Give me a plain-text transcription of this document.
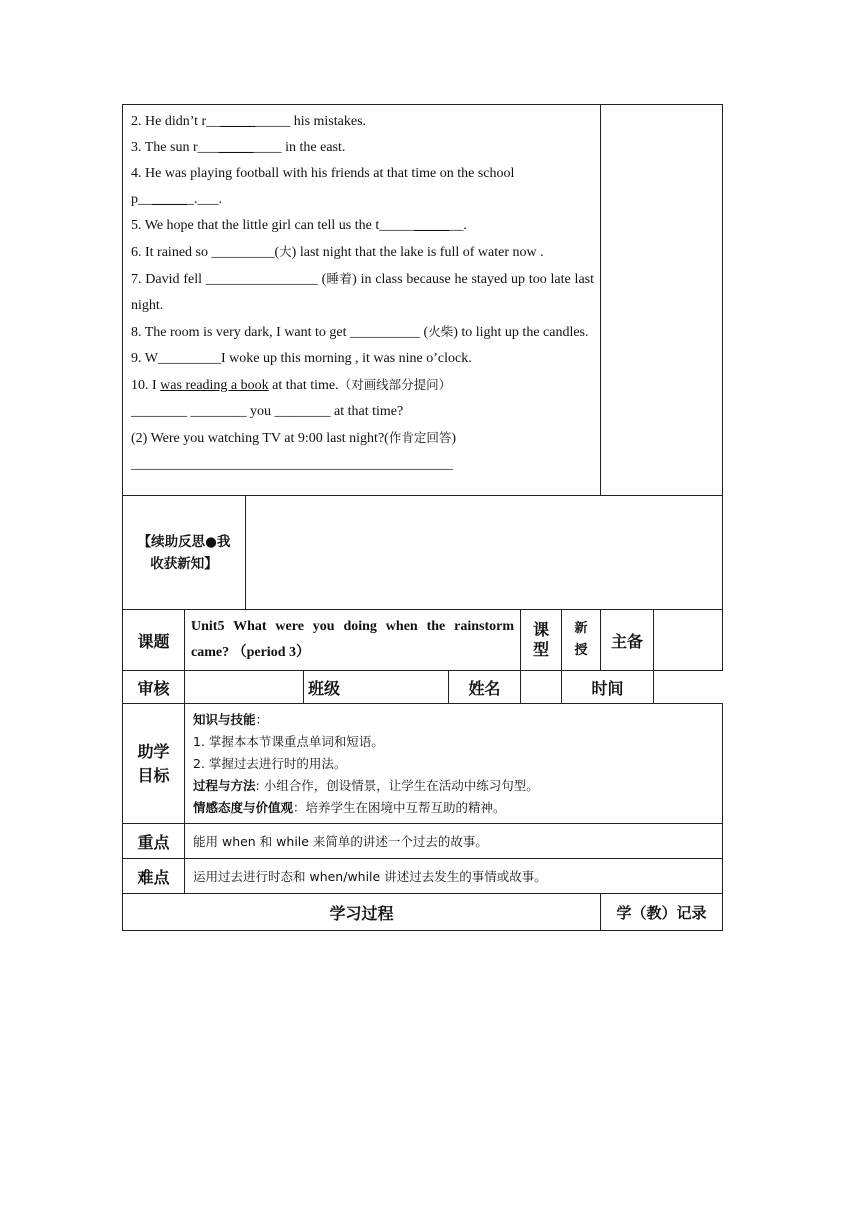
2. He didn’t r____________ his mistakes.

3. The sun r____________ in the east.

4. He was playing football with his friends at that time on the school
p________.___.

5. We hope that the little girl can tell us the t____________.

6. It rained so _________(大) last night that the lake is full of water now .

7. David fell ________________ (睡着) in class because he stayed up too late last night.

8. The room is very dark, I want to get __________ (火柴) to light up the candles.

9. W_________I woke up this morning , it was nine o’clock.

10. I was reading a book at that time.（对画线部分提问）

________ ________ you ________ at that time?

(2) Were you watching TV at 9:00 last night?(作肯定回答)

______________________________________________

【续助反思●我收获新知】	
课题	Unit5 What were you doing when the rainstorm came? （period 3）			课型	新授	主备	
审核		班级	姓名		时间		
助学目标	知识与技能：
1. 掌握本本节课重点单词和短语。
2. 掌握过去进行时的用法。
过程与方法: 小组合作，创设情景，让学生在活动中练习句型。
情感态度与价值观：培养学生在困境中互帮互助的精神。	

重点	能用 when 和 while 来简单的讲述一个过去的故事。	
难点	运用过去进行时态和 when/while 讲述过去发生的事情或故事。	
学习过程		学（教）记录
